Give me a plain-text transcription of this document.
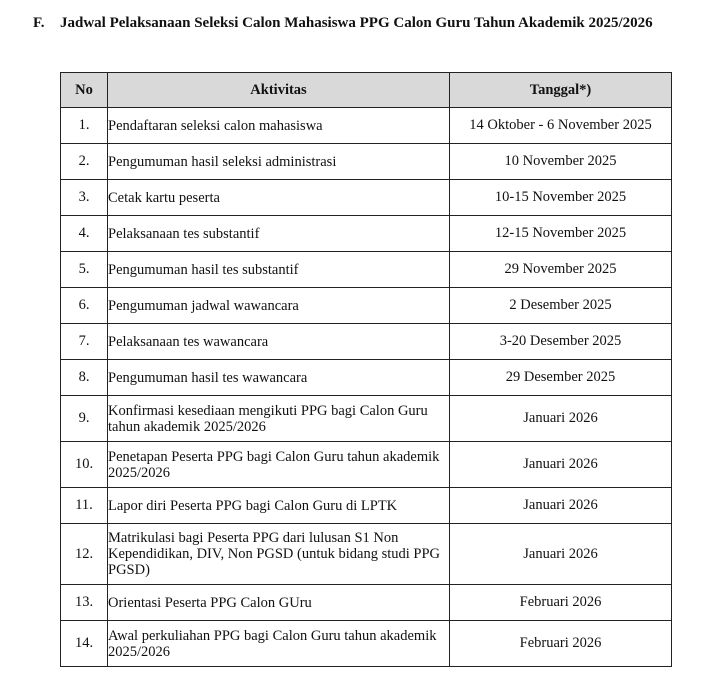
F. Jadwal Pelaksanaan Seleksi Calon Mahasiswa PPG Calon Guru Tahun Akademik 2025/2026
No	Aktivitas	Tanggal*)
1.	Pendaftaran seleksi calon mahasiswa	14 Oktober - 6 November 2025
2.	Pengumuman hasil seleksi administrasi	10 November 2025
3.	Cetak kartu peserta	10-15 November 2025
4.	Pelaksanaan tes substantif	12-15 November 2025
5.	Pengumuman hasil tes substantif	29 November 2025
6.	Pengumuman jadwal wawancara	2 Desember 2025
7.	Pelaksanaan tes wawancara	3-20 Desember 2025
8.	Pengumuman hasil tes wawancara	29 Desember 2025
9.	Konfirmasi kesediaan mengikuti PPG bagi Calon Guru tahun akademik 2025/2026	Januari 2026
10.	Penetapan Peserta PPG bagi Calon Guru tahun akademik 2025/2026	Januari 2026
11.	Lapor diri Peserta PPG bagi Calon Guru di LPTK	Januari 2026
12.	Matrikulasi bagi Peserta PPG dari lulusan S1 Non Kependidikan, DIV, Non PGSD (untuk bidang studi PPG PGSD)	Januari 2026
13.	Orientasi Peserta PPG Calon GUru	Februari 2026
14.	Awal perkuliahan PPG bagi Calon Guru tahun akademik 2025/2026	Februari 2026
